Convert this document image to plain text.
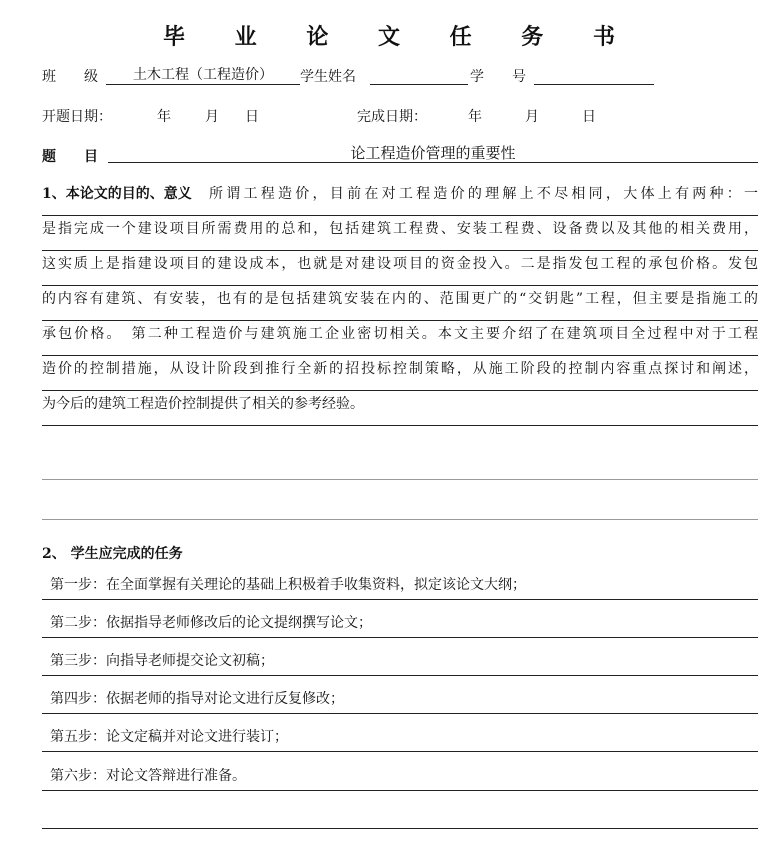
毕 业 论 文 任 务 书
班　　级	土木工程（工程造价）	学生姓名	学　　号
开题日期：	年 月 日	完成日期：	年	月	日
题　　目	论工程造价管理的重要性
1、本论文的目的、意义 所谓工程造价，目前在对工程造价的理解上不尽相同，大体上有两种：一
是指完成一个建设项目所需费用的总和，包括建筑工程费、安装工程费、设备费以及其他的相关费用，
这实质上是指建设项目的建设成本，也就是对建设项目的资金投入。二是指发包工程的承包价格。发包
的内容有建筑、有安装，也有的是包括建筑安装在内的、范围更广的“交钥匙”工程，但主要是指施工的
承包价格。　第二种工程造价与建筑施工企业密切相关。本文主要介绍了在建筑项目全过程中对于工程
造价的控制措施，从设计阶段到推行全新的招投标控制策略，从施工阶段的控制内容重点探讨和阐述，
为今后的建筑工程造价控制提供了相关的参考经验。
2、 学生应完成的任务
第一步：在全面掌握有关理论的基础上积极着手收集资料，拟定该论文大纲；
第二步：依据指导老师修改后的论文提纲撰写论文；
第三步：向指导老师提交论文初稿；
第四步：依据老师的指导对论文进行反复修改；
第五步：论文定稿并对论文进行装订；
第六步：对论文答辩进行准备。
